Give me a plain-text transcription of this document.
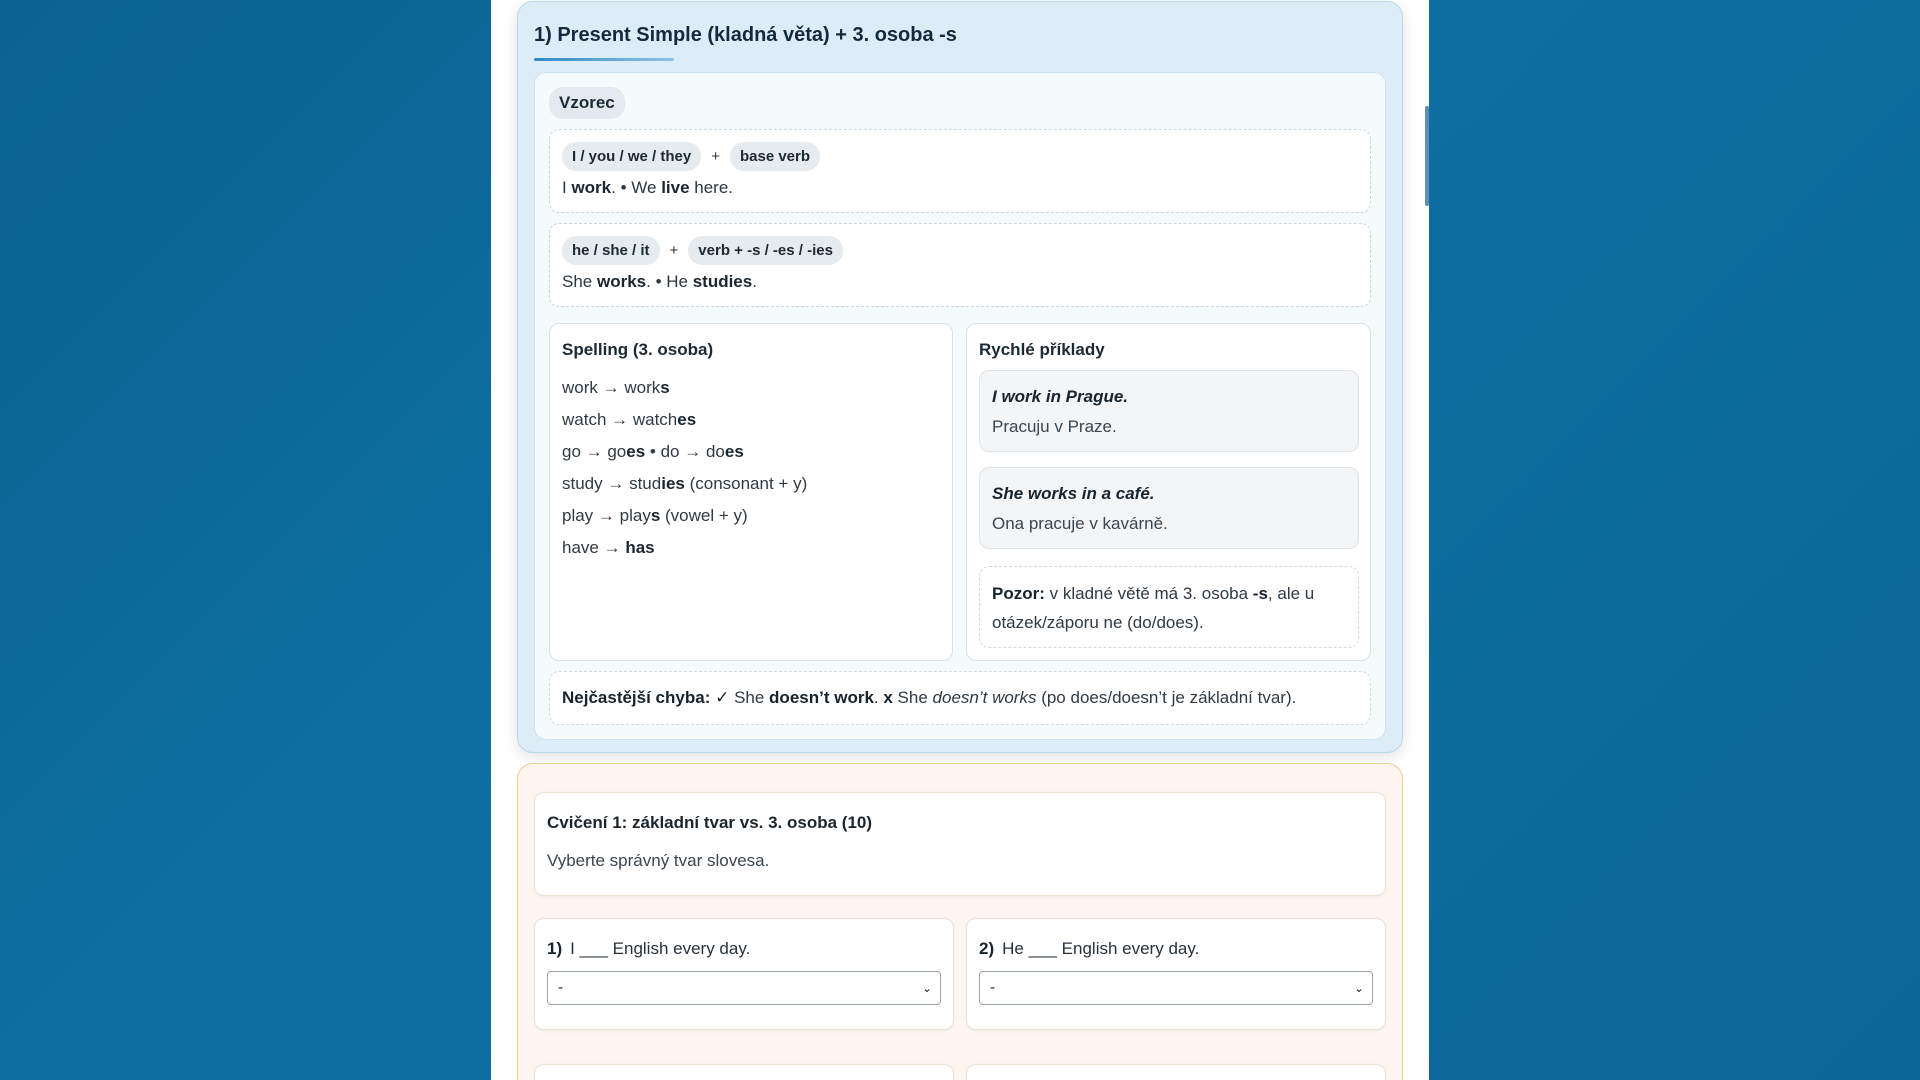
1) Present Simple (kladná věta) + 3. osoba -s
Vzorec
I / you / we / they	+	base verb
I work. • We live here.
he / she / it	+	verb + -s / -es / -ies
She works. • He studies.
Spelling (3. osoba)
work → works
watch → watches
go → goes • do → does
study → studies (consonant + y)
play → plays (vowel + y)
have → has
Rychlé příklady
I work in Prague.
Pracuju v Praze.
She works in a café.
Ona pracuje v kavárně.
Pozor: v kladné větě má 3. osoba -s, ale u otázek/záporu ne (do/does).
Nejčastější chyba: ✓ She doesn’t work. x She doesn’t works (po does/doesn’t je základní tvar).
Cvičení 1: základní tvar vs. 3. osoba (10)
Vyberte správný tvar slovesa.
1) I ___ English every day.
-	⌄
2) He ___ English every day.
-	⌄
